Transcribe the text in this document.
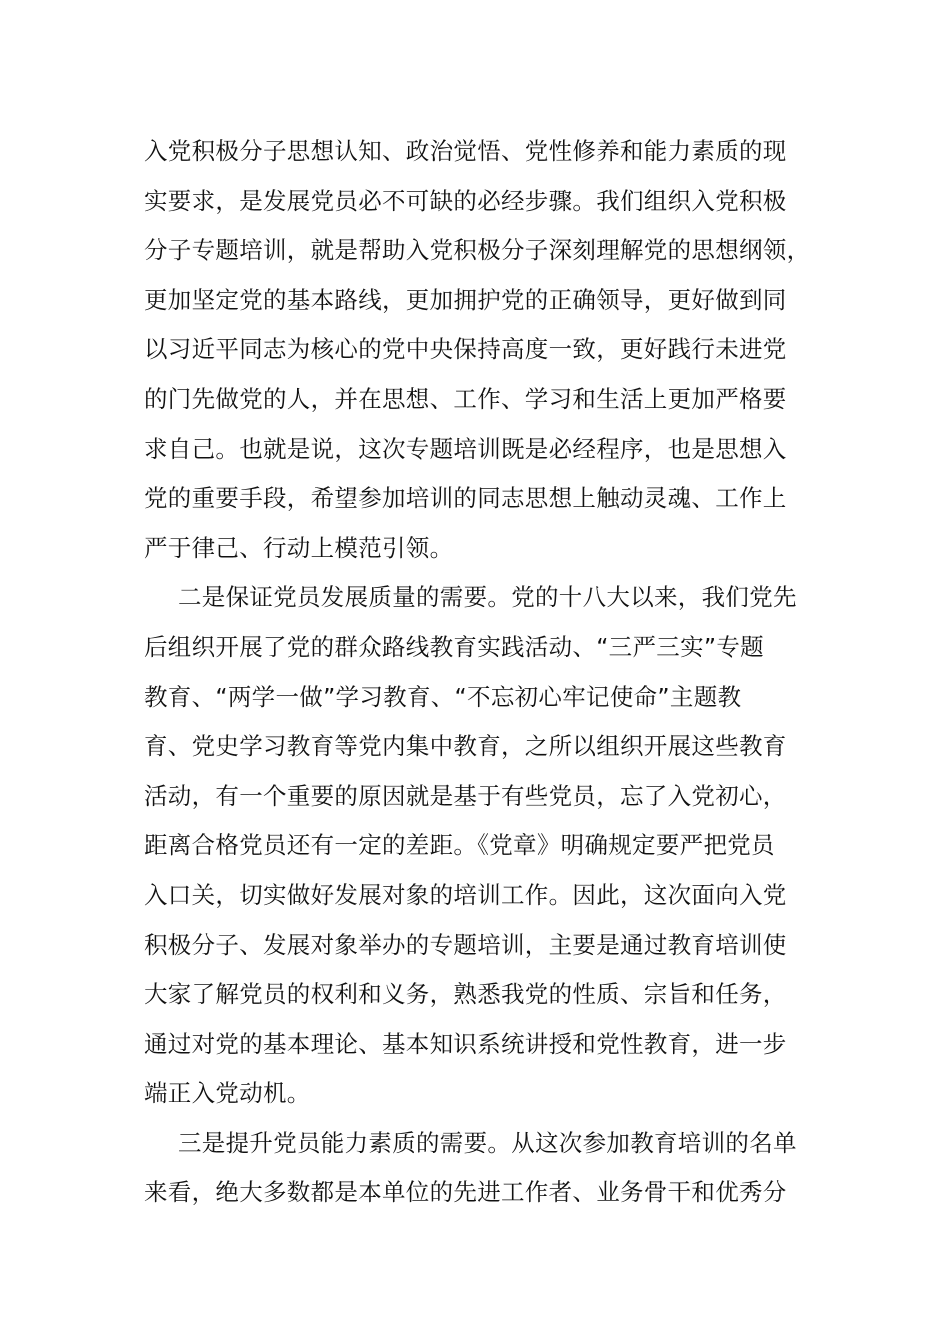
入党积极分子思想认知、政治觉悟、党性修养和能力素质的现
实要求，是发展党员必不可缺的必经步骤。我们组织入党积极
分子专题培训，就是帮助入党积极分子深刻理解党的思想纲领，
更加坚定党的基本路线，更加拥护党的正确领导，更好做到同
以习近平同志为核心的党中央保持高度一致，更好践行未进党
的门先做党的人，并在思想、工作、学习和生活上更加严格要
求自己。也就是说，这次专题培训既是必经程序，也是思想入
党的重要手段，希望参加培训的同志思想上触动灵魂、工作上
严于律己、行动上模范引领。
二是保证党员发展质量的需要。党的十八大以来，我们党先
后组织开展了党的群众路线教育实践活动、“三严三实”专题
教育、“两学一做”学习教育、“不忘初心牢记使命”主题教
育、党史学习教育等党内集中教育，之所以组织开展这些教育
活动，有一个重要的原因就是基于有些党员，忘了入党初心，
距离合格党员还有一定的差距。《党章》明确规定要严把党员
入口关，切实做好发展对象的培训工作。因此，这次面向入党
积极分子、发展对象举办的专题培训，主要是通过教育培训使
大家了解党员的权利和义务，熟悉我党的性质、宗旨和任务，
通过对党的基本理论、基本知识系统讲授和党性教育，进一步
端正入党动机。
三是提升党员能力素质的需要。从这次参加教育培训的名单
来看，绝大多数都是本单位的先进工作者、业务骨干和优秀分
